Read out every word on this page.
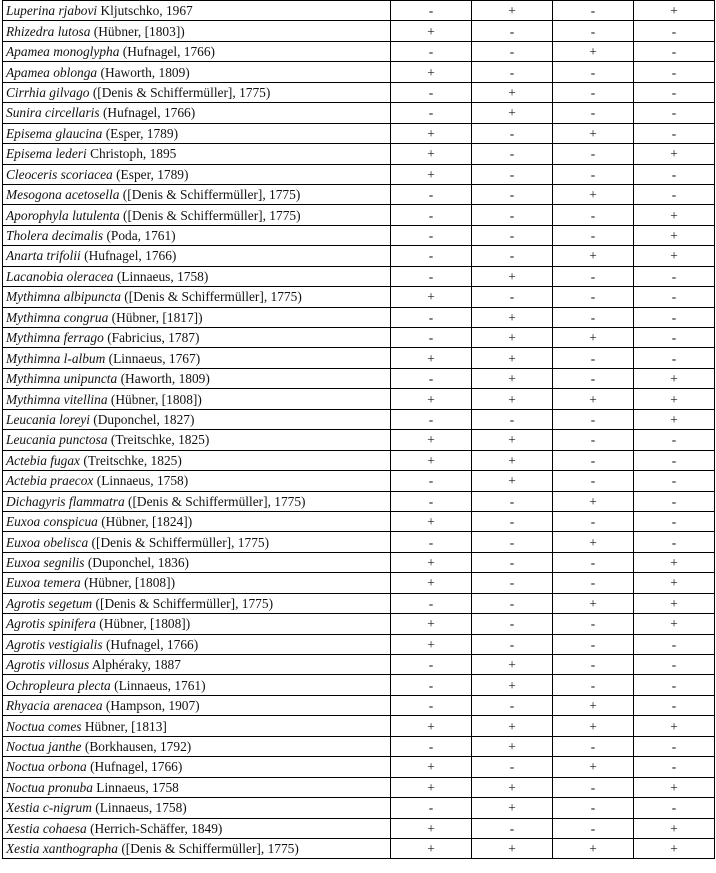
Luperina rjabovi Kljutschko, 1967	-	+	-	+
Rhizedra lutosa (Hübner, [1803])	+	-	-	-
Apamea monoglypha (Hufnagel, 1766)	-	-	+	-
Apamea oblonga (Haworth, 1809)	+	-	-	-
Cirrhia gilvago ([Denis & Schiffermüller], 1775)	-	+	-	-
Sunira circellaris (Hufnagel, 1766)	-	+	-	-
Episema glaucina (Esper, 1789)	+	-	+	-
Episema lederi Christoph, 1895	+	-	-	+
Cleoceris scoriacea (Esper, 1789)	+	-	-	-
Mesogona acetosella ([Denis & Schiffermüller], 1775)	-	-	+	-
Aporophyla lutulenta ([Denis & Schiffermüller], 1775)	-	-	-	+
Tholera decimalis (Poda, 1761)	-	-	-	+
Anarta trifolii (Hufnagel, 1766)	-	-	+	+
Lacanobia oleracea (Linnaeus, 1758)	-	+	-	-
Mythimna albipuncta ([Denis & Schiffermüller], 1775)	+	-	-	-
Mythimna congrua (Hübner, [1817])	-	+	-	-
Mythimna ferrago (Fabricius, 1787)	-	+	+	-
Mythimna l-album (Linnaeus, 1767)	+	+	-	-
Mythimna unipuncta (Haworth, 1809)	-	+	-	+
Mythimna vitellina (Hübner, [1808])	+	+	+	+
Leucania loreyi (Duponchel, 1827)	-	-	-	+
Leucania punctosa (Treitschke, 1825)	+	+	-	-
Actebia fugax (Treitschke, 1825)	+	+	-	-
Actebia praecox (Linnaeus, 1758)	-	+	-	-
Dichagyris flammatra ([Denis & Schiffermüller], 1775)	-	-	+	-
Euxoa conspicua (Hübner, [1824])	+	-	-	-
Euxoa obelisca ([Denis & Schiffermüller], 1775)	-	-	+	-
Euxoa segnilis (Duponchel, 1836)	+	-	-	+
Euxoa temera (Hübner, [1808])	+	-	-	+
Agrotis segetum ([Denis & Schiffermüller], 1775)	-	-	+	+
Agrotis spinifera (Hübner, [1808])	+	-	-	+
Agrotis vestigialis (Hufnagel, 1766)	+	-	-	-
Agrotis villosus Alphéraky, 1887	-	+	-	-
Ochropleura plecta (Linnaeus, 1761)	-	+	-	-
Rhyacia arenacea (Hampson, 1907)	-	-	+	-
Noctua comes Hübner, [1813]	+	+	+	+
Noctua janthe (Borkhausen, 1792)	-	+	-	-
Noctua orbona (Hufnagel, 1766)	+	-	+	-
Noctua pronuba Linnaeus, 1758	+	+	-	+
Xestia c-nigrum (Linnaeus, 1758)	-	+	-	-
Xestia cohaesa (Herrich-Schäffer, 1849)	+	-	-	+
Xestia xanthographa ([Denis & Schiffermüller], 1775)	+	+	+	+
